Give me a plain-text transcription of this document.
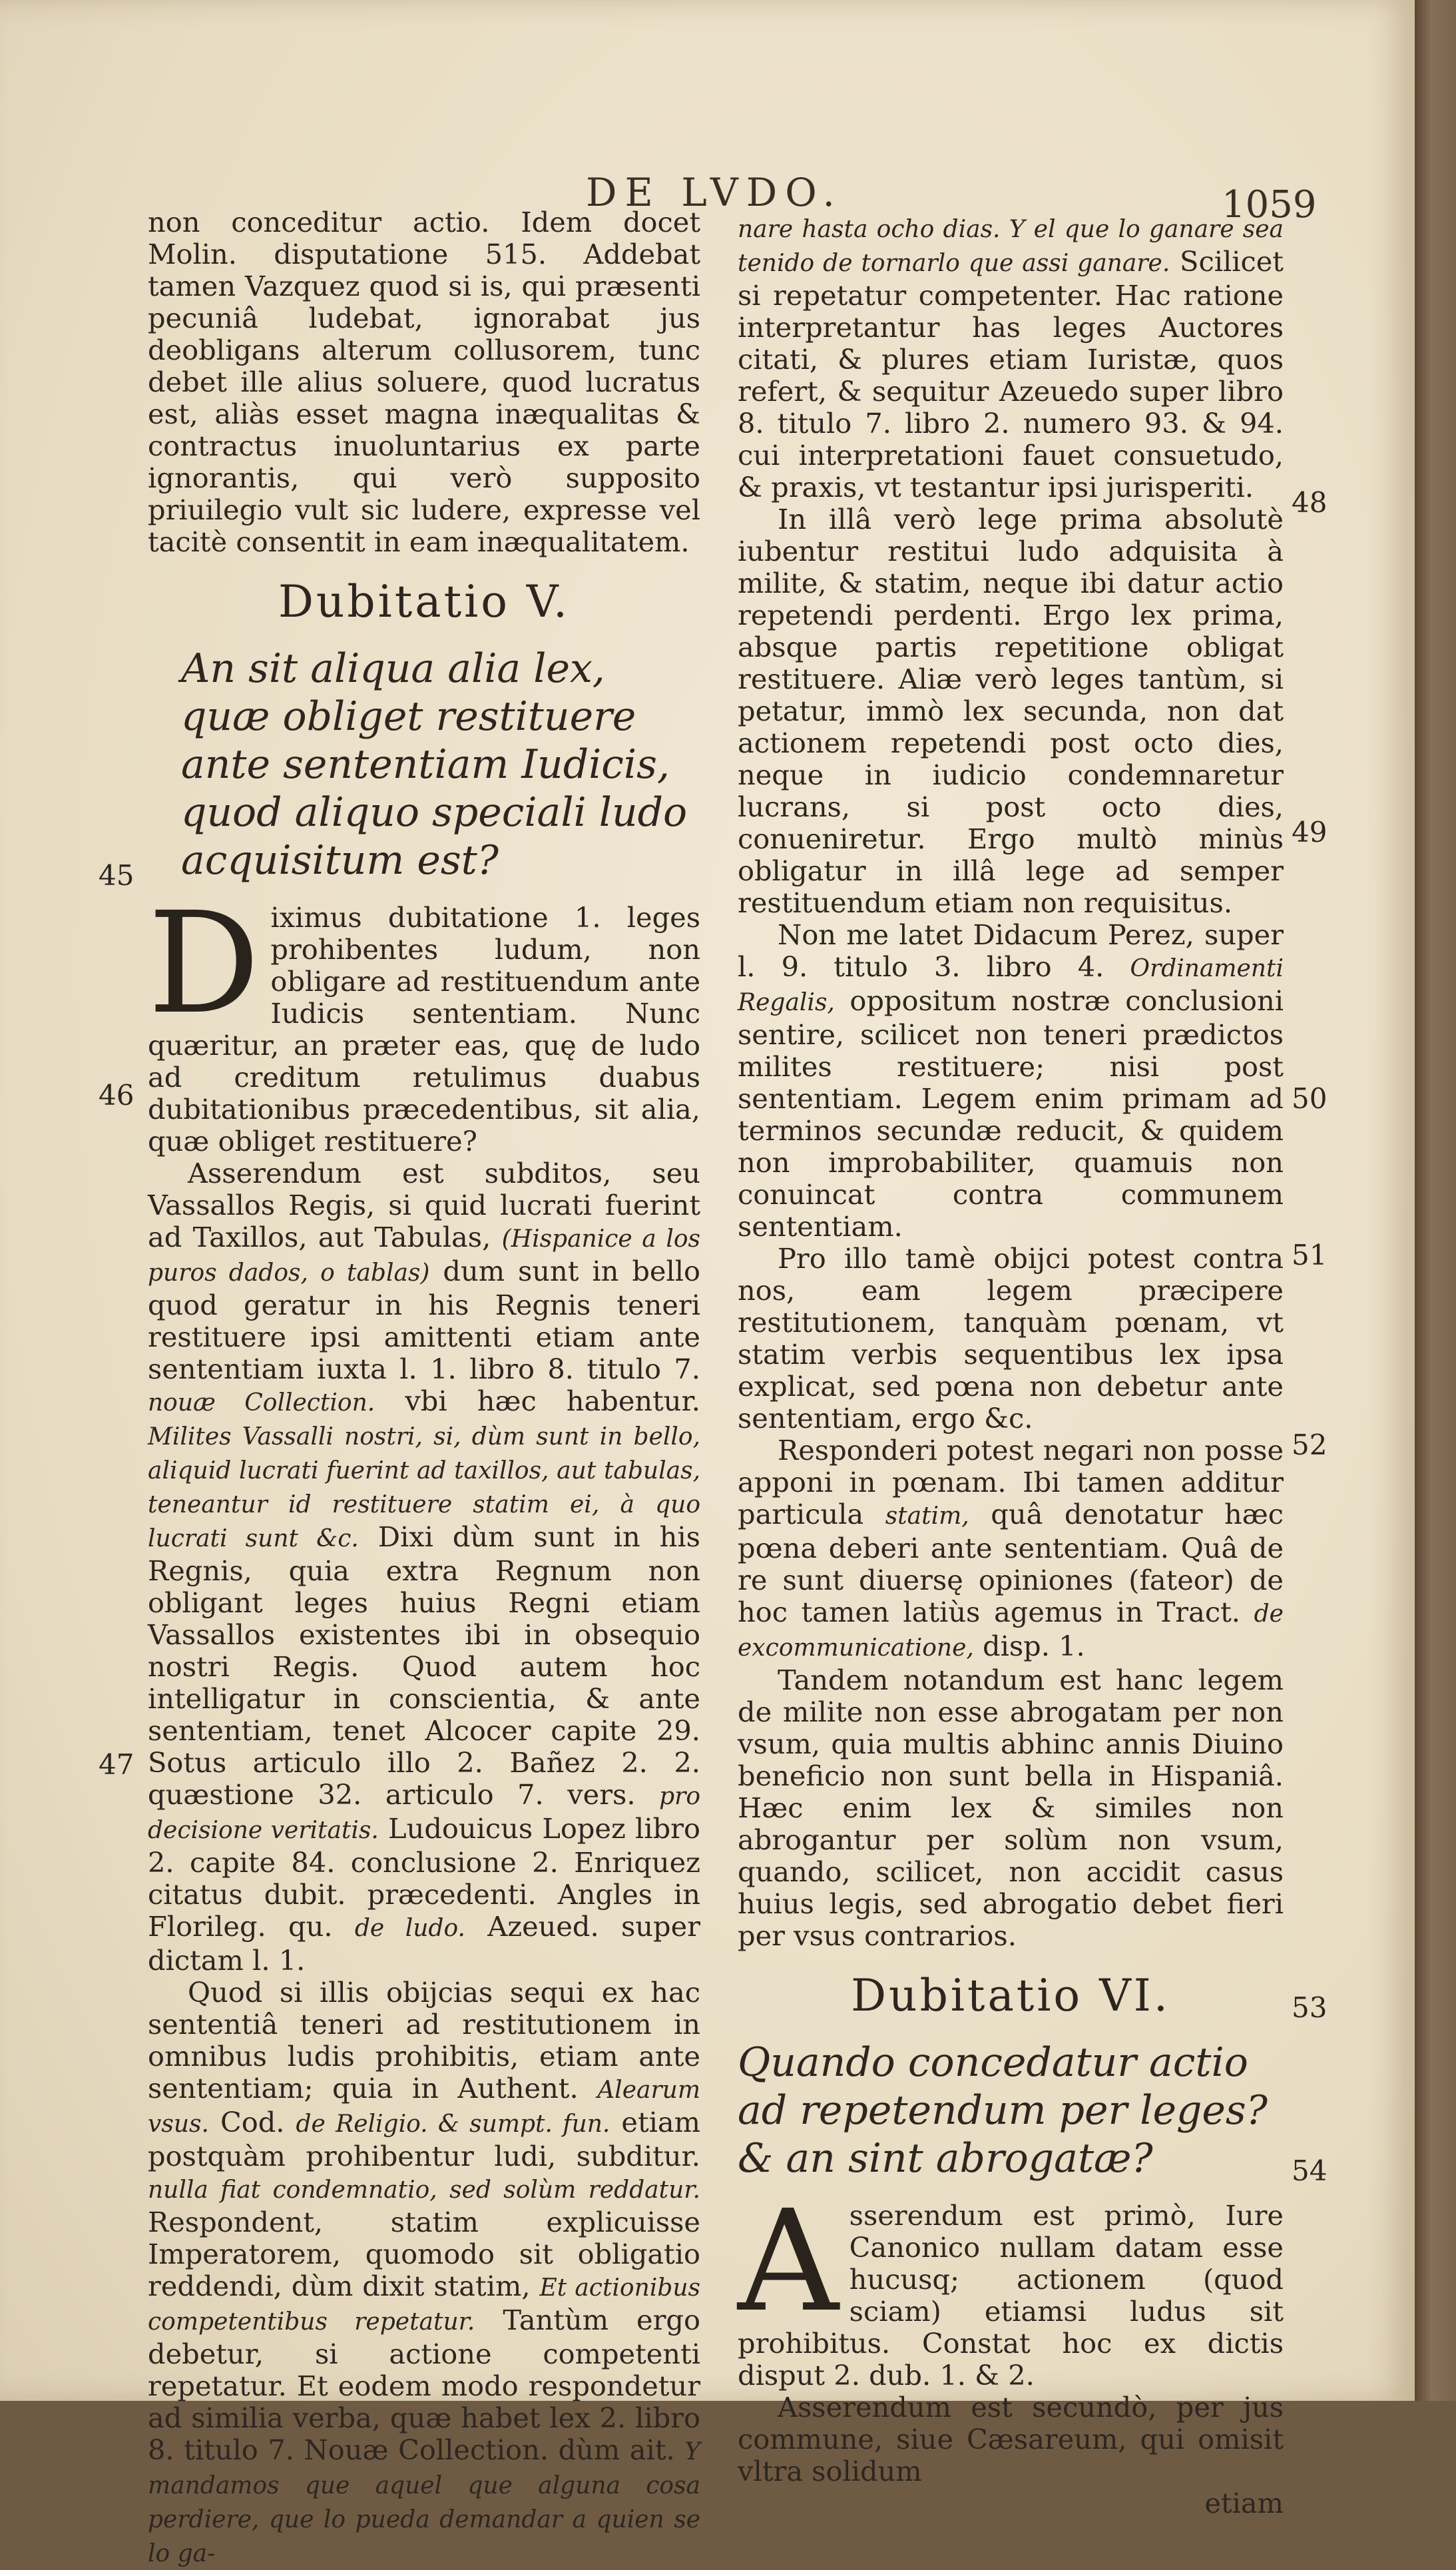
DE LVDO.	1059

non conceditur actio. Idem docet Molin. disputatione 515. Addebat tamen Vazquez quod si is, qui præsenti pecuniâ ludebat, ignorabat jus deobligans alterum collusorem, tunc debet ille alius soluere, quod lucratus est, aliàs esset magna inæqualitas & contractus inuoluntarius ex parte ignorantis, qui verò supposito priuilegio vult sic ludere, expresse vel tacitè consentit in eam inæqualitatem.

Dubitatio V.
An sit aliqua alia lex, quæ obliget restituere ante sententiam Iudicis, quod aliquo speciali ludo acquisitum est?

Diximus dubitatione 1. leges prohibentes ludum, non obligare ad restituendum ante Iudicis sententiam. Nunc quæritur, an præter eas, quę de ludo ad creditum retulimus duabus dubitationibus præcedentibus, sit alia, quæ obliget restituere?

Asserendum est subditos, seu Vassallos Regis, si quid lucrati fuerint ad Taxillos, aut Tabulas, (Hispanice a los puros dados, o tablas) dum sunt in bello quod geratur in his Regnis teneri restituere ipsi amittenti etiam ante sententiam iuxta l. 1. libro 8. titulo 7. nouæ Collection. vbi hæc habentur. Milites Vassalli nostri, si, dùm sunt in bello, aliquid lucrati fuerint ad taxillos, aut tabulas, teneantur id restituere statim ei, à quo lucrati sunt &c. Dixi dùm sunt in his Regnis, quia extra Regnum non obligant leges huius Regni etiam Vassallos existentes ibi in obsequio nostri Regis. Quod autem hoc intelligatur in conscientia, & ante sententiam, tenet Alcocer capite 29. Sotus articulo illo 2. Bañez 2. 2. quæstione 32. articulo 7. vers. pro decisione veritatis. Ludouicus Lopez libro 2. capite 84. conclusione 2. Enriquez citatus dubit. præcedenti. Angles in Florileg. qu. de ludo. Azeued. super dictam l. 1.

Quod si illis obijcias sequi ex hac sententiâ teneri ad restitutionem in omnibus ludis prohibitis, etiam ante sententiam; quia in Authent. Alearum vsus. Cod. de Religio. & sumpt. fun. etiam postquàm prohibentur ludi, subditur. nulla fiat condemnatio, sed solùm reddatur. Respondent, statim explicuisse Imperatorem, quomodo sit obligatio reddendi, dùm dixit statim, Et actionibus competentibus repetatur. Tantùm ergo debetur, si actione competenti repetatur. Et eodem modo respondetur ad similia verba, quæ habet lex 2. libro 8. titulo 7. Nouæ Collection. dùm ait. Y mandamos que aquel que alguna cosa perdiere, que lo pueda demandar a quien se lo ga-

nare hasta ocho dias. Y el que lo ganare sea tenido de tornarlo que assi ganare. Scilicet si repetatur competenter. Hac ratione interpretantur has leges Auctores citati, & plures etiam Iuristæ, quos refert, & sequitur Azeuedo super libro 8. titulo 7. libro 2. numero 93. & 94. cui interpretationi fauet consuetudo, & praxis, vt testantur ipsi jurisperiti.

In illâ verò lege prima absolutè iubentur restitui ludo adquisita à milite, & statim, neque ibi datur actio repetendi perdenti. Ergo lex prima, absque partis repetitione obligat restituere. Aliæ verò leges tantùm, si petatur, immò lex secunda, non dat actionem repetendi post octo dies, neque in iudicio condemnaretur lucrans, si post octo dies, conueniretur. Ergo multò minùs obligatur in illâ lege ad semper restituendum etiam non requisitus.

Non me latet Didacum Perez, super l. 9. titulo 3. libro 4. Ordinamenti Regalis, oppositum nostræ conclusioni sentire, scilicet non teneri prædictos milites restituere; nisi post sententiam. Legem enim primam ad terminos secundæ reducit, & quidem non improbabiliter, quamuis non conuincat contra communem sententiam.

Pro illo tamè obijci potest contra nos, eam legem præcipere restitutionem, tanquàm pœnam, vt statim verbis sequentibus lex ipsa explicat, sed pœna non debetur ante sententiam, ergo &c.

Responderi potest negari non posse apponi in pœnam. Ibi tamen additur particula statim, quâ denotatur hæc pœna deberi ante sententiam. Quâ de re sunt diuersę opiniones (fateor) de hoc tamen latiùs agemus in Tract. de excommunicatione, disp. 1.

Tandem notandum est hanc legem de milite non esse abrogatam per non vsum, quia multis abhinc annis Diuino beneficio non sunt bella in Hispaniâ. Hæc enim lex & similes non abrogantur per solùm non vsum, quando, scilicet, non accidit casus huius legis, sed abrogatio debet fieri per vsus contrarios.

Dubitatio VI.
Quando concedatur actio ad repetendum per leges? & an sint abrogatæ?

Asserendum est primò, Iure Canonico nullam datam esse hucusq; actionem (quod sciam) etiamsi ludus sit prohibitus. Constat hoc ex dictis disput 2. dub. 1. & 2.

Asserendum est secundò, per jus commune, siue Cæsareum, qui omisit vltra solidum

etiam

45
46
47
48
49
50
51
52
53
54
